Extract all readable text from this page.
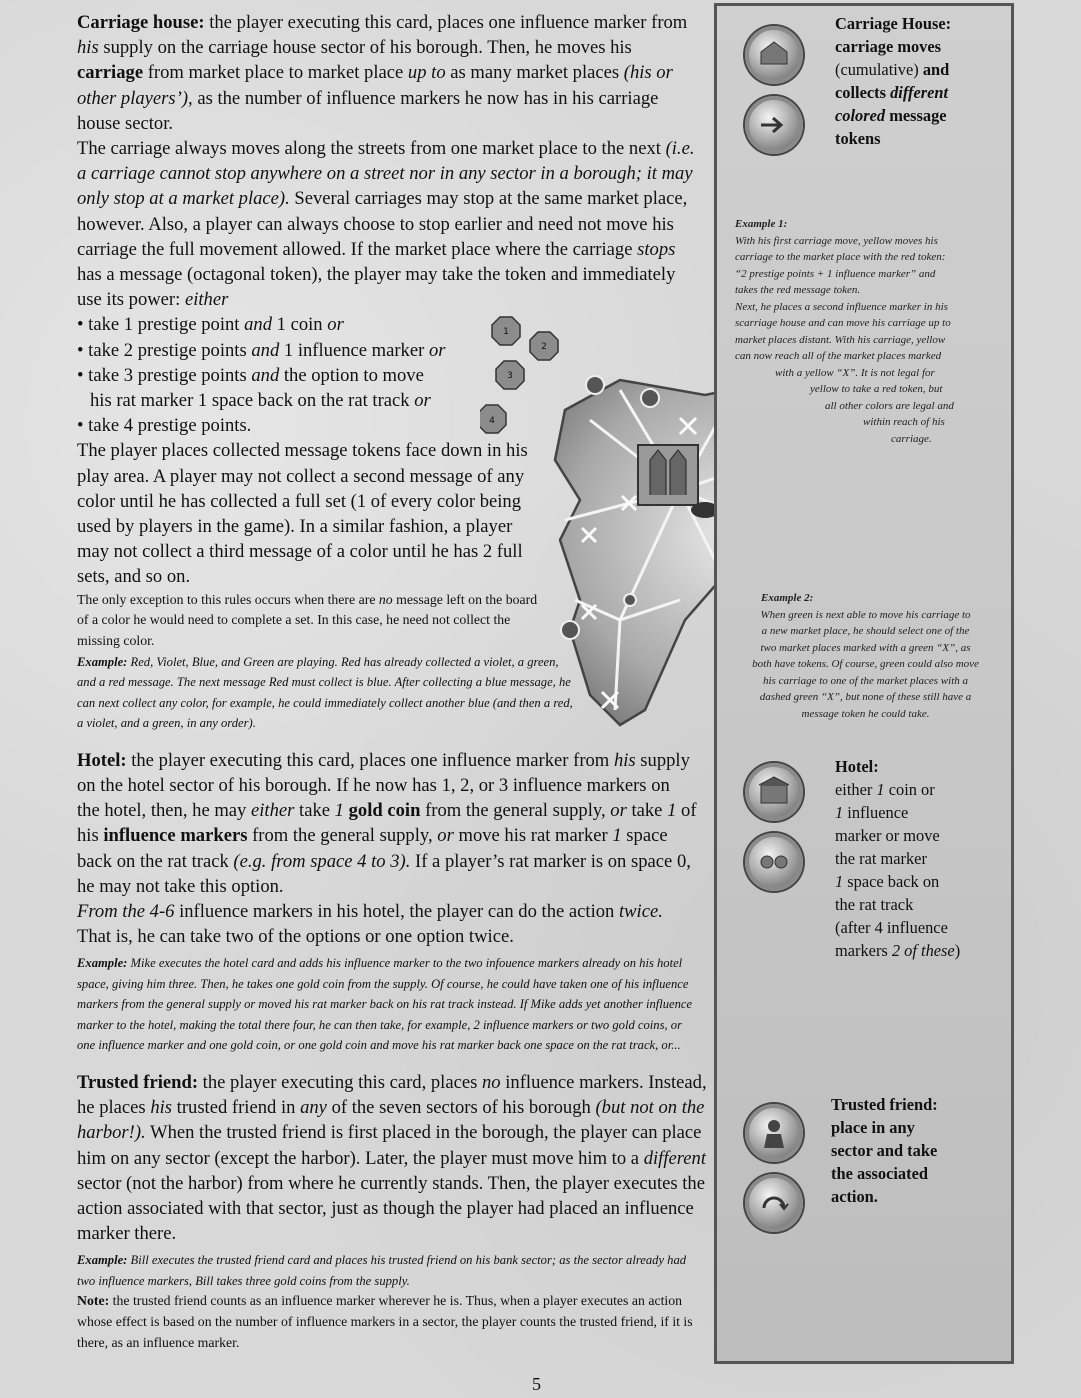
Carriage house: the player executing this card, places one influence marker from his supply on the carriage house sector of his borough. Then, he moves his carriage from market place to market place up to as many market places (his or other players’), as the number of influence markers he now has in his carriage house sector.

The carriage always moves along the streets from one market place to the next (i.e. a carriage cannot stop anywhere on a street nor in any sector in a borough; it may only stop at a market place). Several carriages may stop at the same market place, however. Also, a player can always choose to stop earlier and need not move his carriage the full movement allowed. If the market place where the carriage stops has a message (octagonal token), the player may take the token and immediately use its power: either

• take 1 prestige point and 1 coin or
• take 2 prestige points and 1 influence marker or
• take 3 prestige points and the option to move
his rat marker 1 space back on the rat track or
• take 4 prestige points.

The player places collected message tokens face down in his play area. A player may not collect a second message of any color until he has collected a full set (1 of every color being used by players in the game). In a similar fashion, a player may not collect a third message of a color until he has 2 full sets, and so on.

The only exception to this rules occurs when there are no message left on the board of a color he would need to complete a set. In this case, he need not collect the missing color.

Example: Red, Violet, Blue, and Green are playing. Red has already collected a violet, a green, and a red message. The next message Red must collect is blue. After collecting a blue message, he can next collect any color, for example, he could immediately collect another blue (and then a red, a violet, and a green, in any order).

Hotel: the player executing this card, places one influence marker from his supply on the hotel sector of his borough. If he now has 1, 2, or 3 influence markers on the hotel, then, he may either take 1 gold coin from the general supply, or take 1 of his influence markers from the general supply, or move his rat marker 1 space back on the rat track (e.g. from space 4 to 3). If a player’s rat marker is on space 0, he may not take this option.

From the 4-6 influence markers in his hotel, the player can do the action twice. That is, he can take two of the options or one option twice.

Example: Mike executes the hotel card and adds his influence marker to the two infouence markers already on his hotel space, giving him three. Then, he takes one gold coin from the supply. Of course, he could have taken one of his influence markers from the general supply or moved his rat marker back on his rat track instead. If Mike adds yet another influence marker to the hotel, making the total there four, he can then take, for example, 2 influence markers or two gold coins, or one influence marker and one gold coin, or one gold coin and move his rat marker back one space on the rat track, or...

Trusted friend: the player executing this card, places no influence markers. Instead, he places his trusted friend in any of the seven sectors of his borough (but not on the harbor!). When the trusted friend is first placed in the borough, the player can place him on any sector (except the harbor). Later, the player must move him to a different sector (not the harbor) from where he currently stands. Then, the player executes the action associated with that sector, just as though the player had placed an influence marker there.

Example: Bill executes the trusted friend card and places his trusted friend on his bank sector; as the sector already had two influence markers, Bill takes three gold coins from the supply.

Note: the trusted friend counts as an influence marker wherever he is. Thus, when a player executes an action whose effect is based on the number of influence markers in a sector, the player counts the trusted friend, if it is there, as an influence marker.

1
2
3
4
Carriage House:
carriage moves
(cumulative) and
collects different
colored message
tokens
Example 1:
With his first carriage move, yellow moves his
carriage to the market place with the red token:
“2 prestige points + 1 influence marker” and
takes the red message token.
Next, he places a second influence marker in his
scarriage house and can move his carriage up to
market places distant. With his carriage, yellow
can now reach all of the market places marked
with a yellow “X”. It is not legal for
yellow to take a red token, but
all other colors are legal and
within reach of his
carriage.
Example 2:
When green is next able to move his carriage to
a new market place, he should select one of the
two market places marked with a green “X”, as
both have tokens. Of course, green could also move
his carriage to one of the market places with a
dashed green “X”, but none of these still have a
message token he could take.
Hotel:
either 1 coin or
1 influence
marker or move
the rat marker
1 space back on
the rat track
(after 4 influence
markers 2 of these)
Trusted friend:
place in any
sector and take
the associated
action.
5
